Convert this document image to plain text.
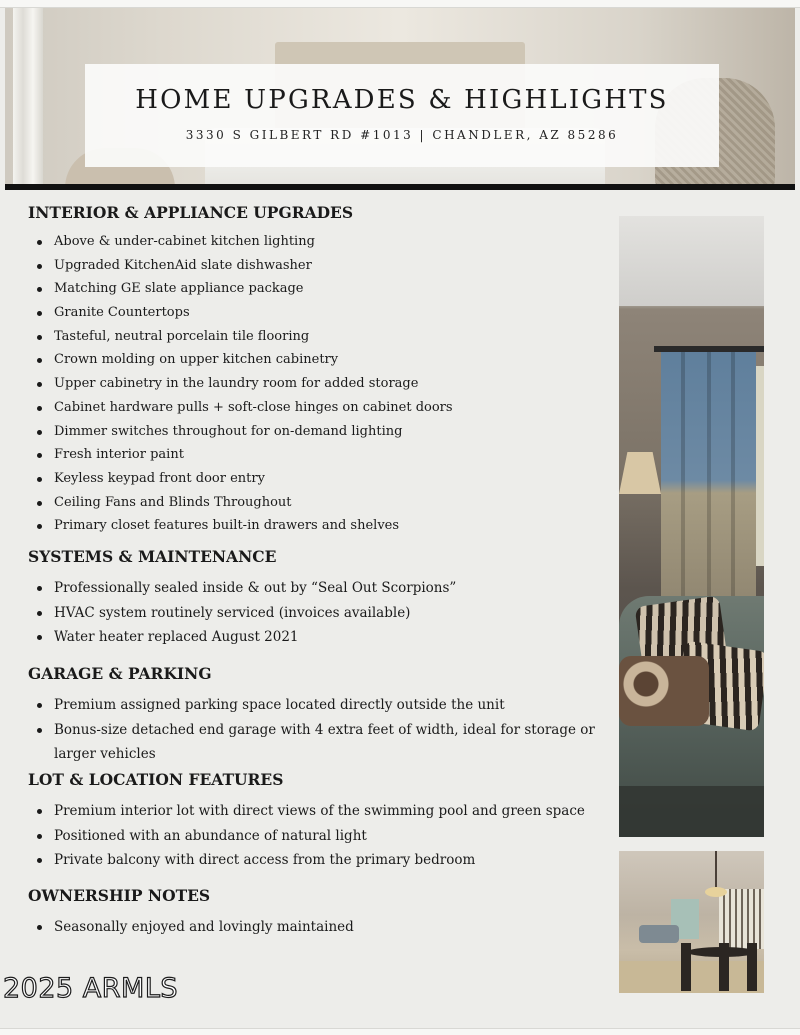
HOME UPGRADES & HIGHLIGHTS
3330 S GILBERT RD #1013 | CHANDLER, AZ 85286
INTERIOR & APPLIANCE UPGRADES
Above & under-cabinet kitchen lighting
Upgraded KitchenAid slate dishwasher
Matching GE slate appliance package
Granite Countertops
Tasteful, neutral porcelain tile flooring
Crown molding on upper kitchen cabinetry
Upper cabinetry in the laundry room for added storage
Cabinet hardware pulls + soft-close hinges on cabinet doors
Dimmer switches throughout for on-demand lighting
Fresh interior paint
Keyless keypad front door entry
Ceiling Fans and Blinds Throughout
Primary closet features built-in drawers and shelves
SYSTEMS & MAINTENANCE
Professionally sealed inside & out by “Seal Out Scorpions”
HVAC system routinely serviced (invoices available)
Water heater replaced August 2021
GARAGE & PARKING
Premium assigned parking space located directly outside the unit
Bonus-size detached end garage with 4 extra feet of width, ideal for storage or larger vehicles
LOT & LOCATION FEATURES
Premium interior lot with direct views of the swimming pool and green space
Positioned with an abundance of natural light
Private balcony with direct access from the primary bedroom
OWNERSHIP NOTES
Seasonally enjoyed and lovingly maintained
2025 ARMLS
